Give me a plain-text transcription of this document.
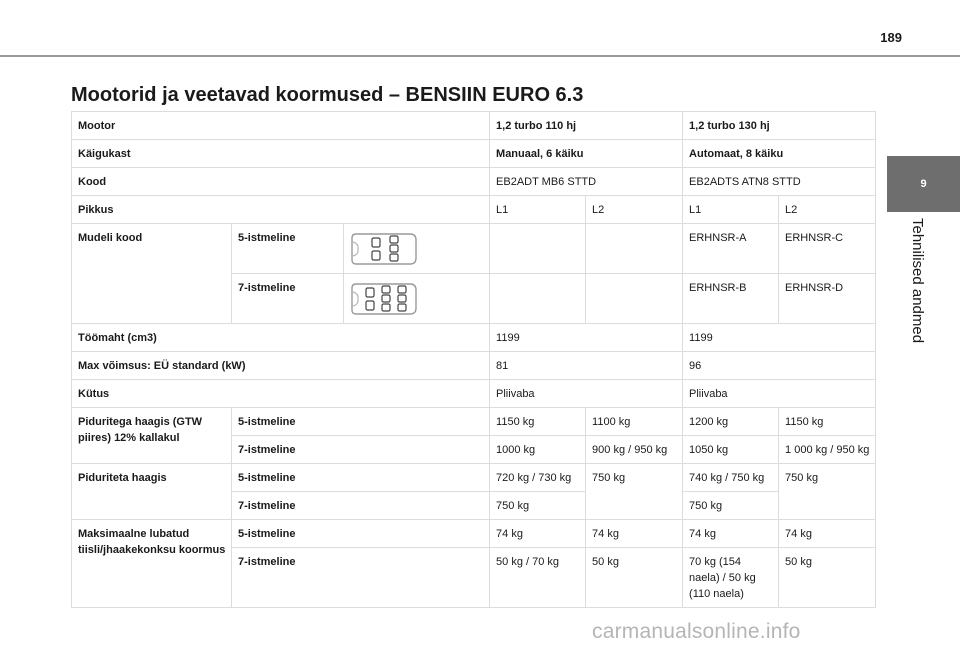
189
9
Tehnilised andmed
Mootorid ja veetavad koormused – BENSIIN EURO 6.3
Mootor			1,2 turbo 110 hj		1,2 turbo 130 hj	
Käigukast			Manuaal, 6 käiku		Automaat, 8 käiku	
Kood			EB2ADT MB6 STTD		EB2ADTS ATN8 STTD	
Pikkus			L1	L2	L1	L2
Mudeli kood	5-istmeline				ERHNSR-A	ERHNSR-C
	7-istmeline				ERHNSR-B	ERHNSR-D
Töömaht (cm3)			1199		1199	
Max võimsus: EÜ standard (kW)			81		96	
Kütus			Pliivaba		Pliivaba	
Piduritega haagis (GTW piires) 12% kallakul	5-istmeline		1150 kg	1100 kg	1200 kg	1150 kg
	7-istmeline		1000 kg	900 kg / 950 kg	1050 kg	1 000 kg / 950 kg
Piduriteta haagis	5-istmeline		720 kg / 730 kg	750 kg	740 kg / 750 kg	750 kg
	7-istmeline		750 kg		750 kg	
Maksimaalne lubatud tiisli/jhaakekonksu koormus	5-istmeline		74 kg	74 kg	74 kg	74 kg
	7-istmeline		50 kg / 70 kg	50 kg	70 kg (154 naela) / 50 kg (110 naela)	50 kg
carmanualsonline.info
